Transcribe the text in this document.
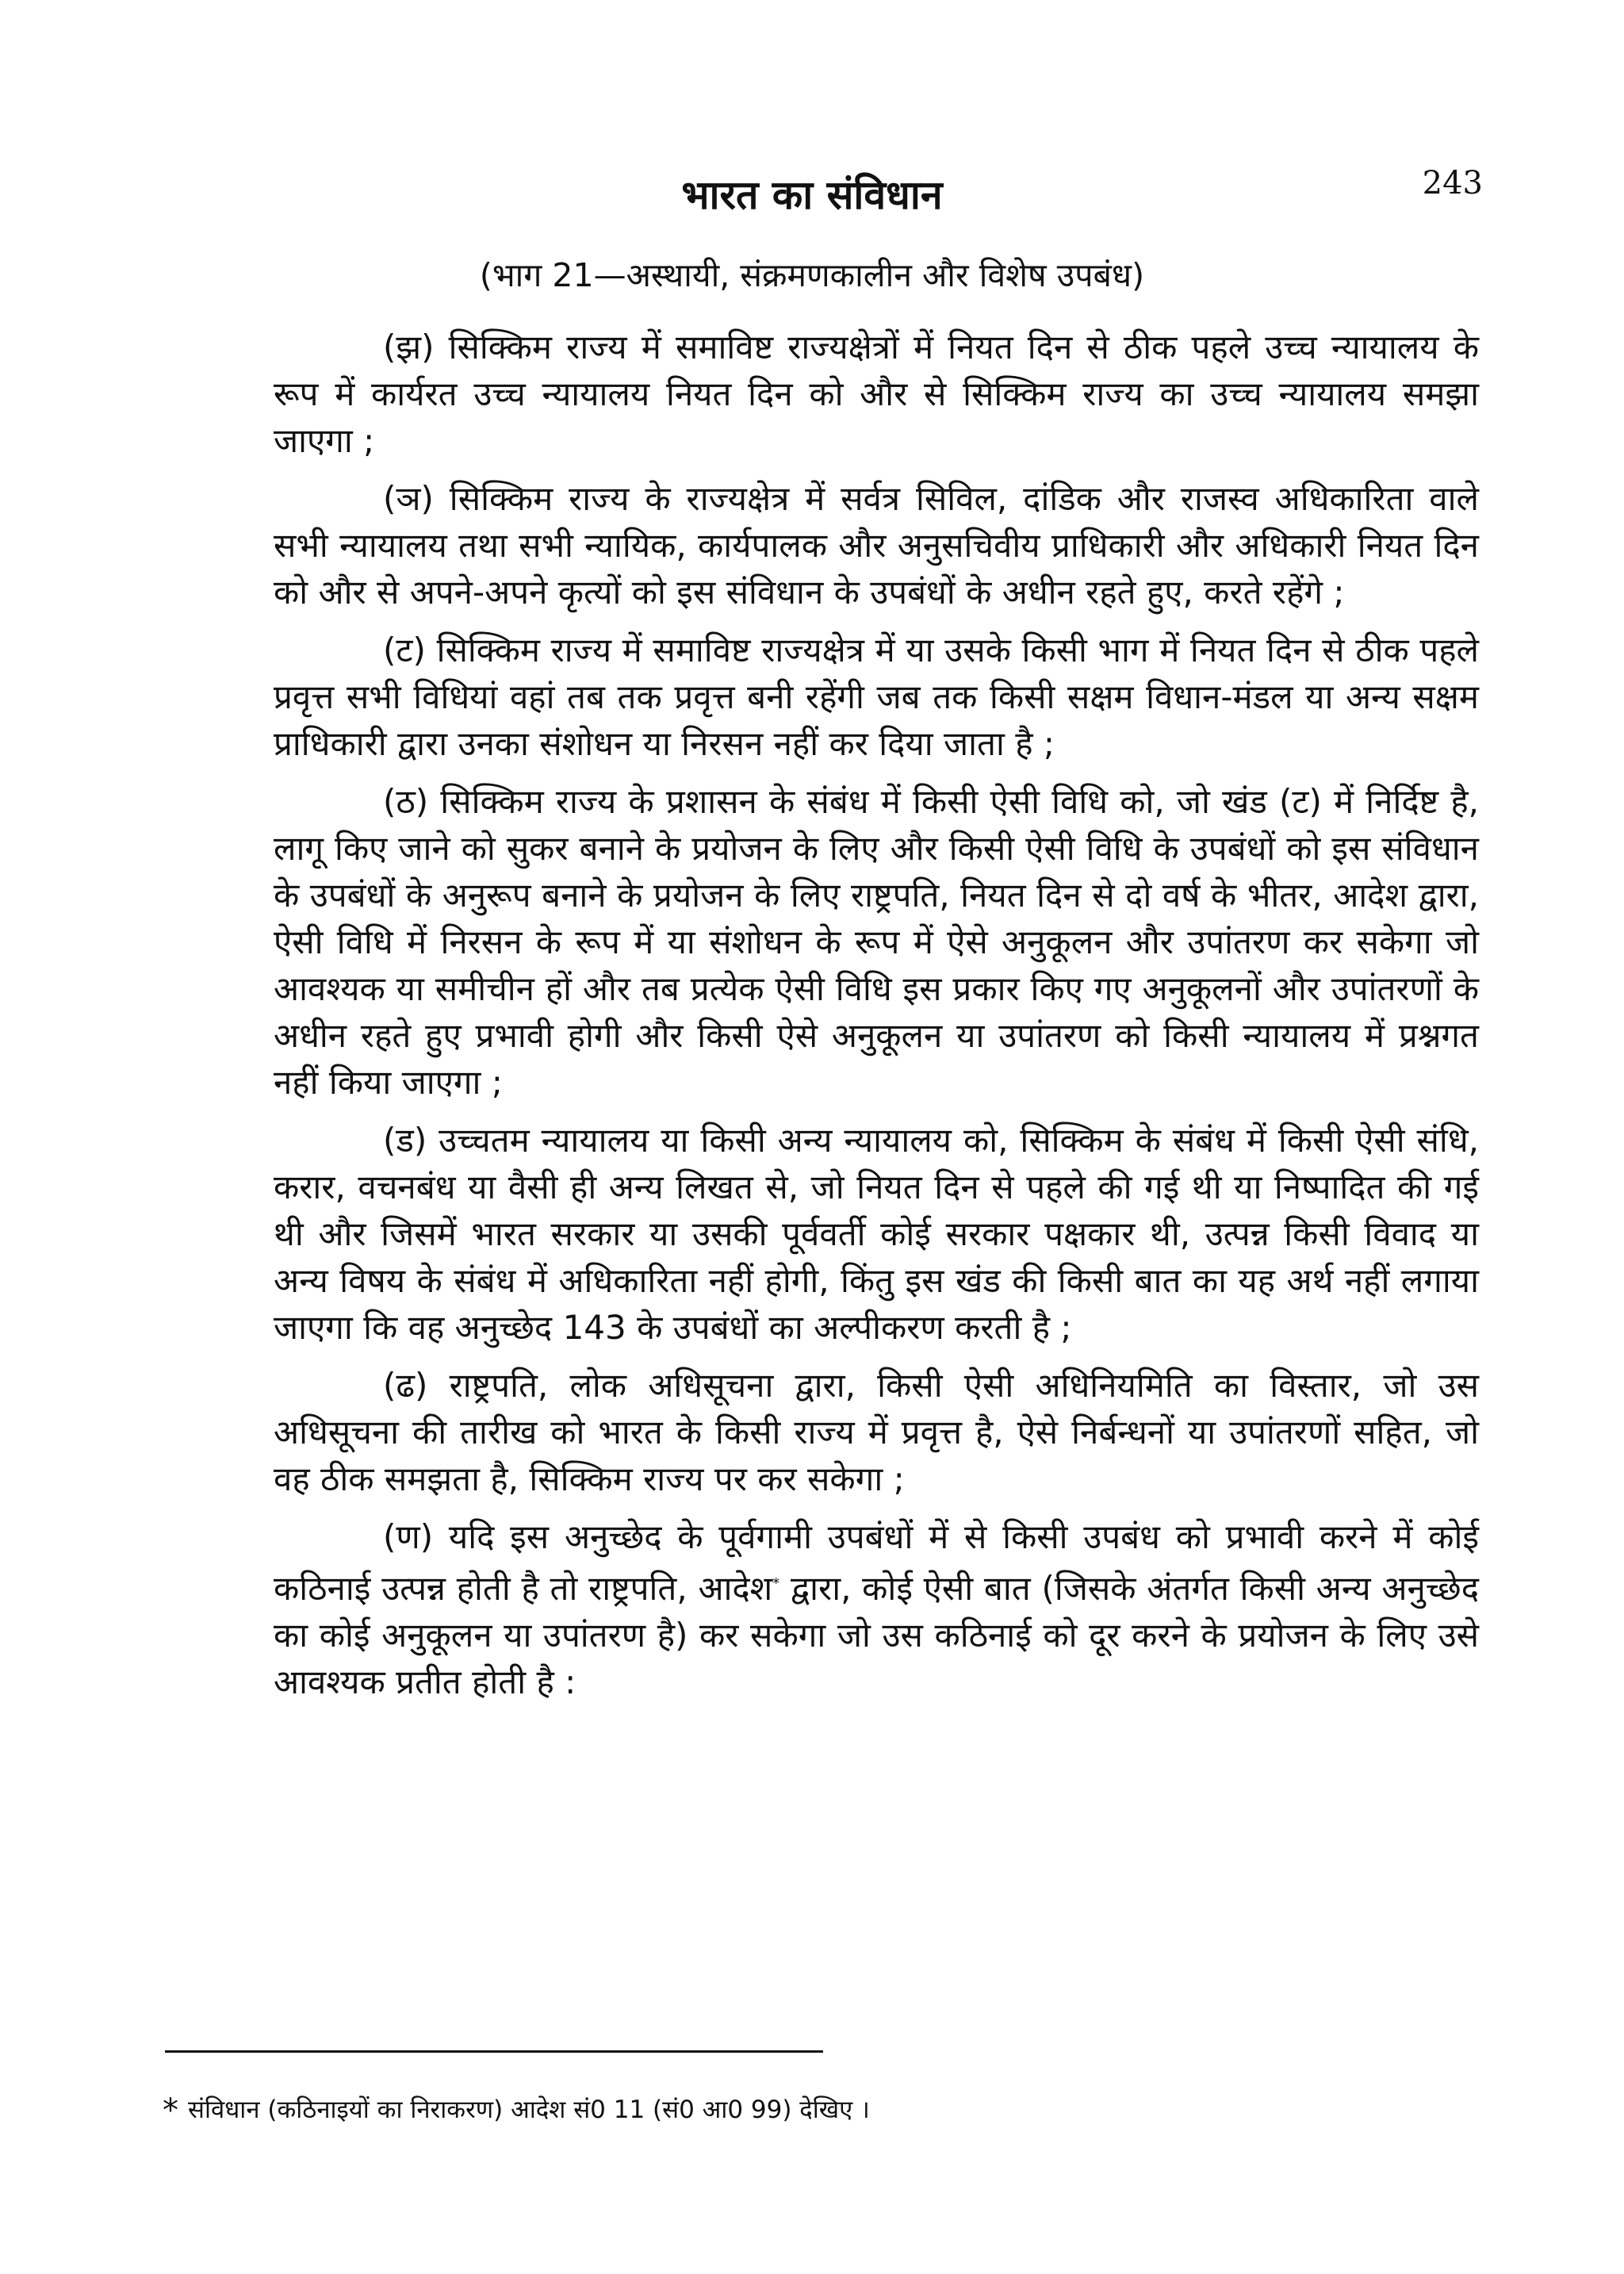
243
भारत का संविधान
(भाग 21—अस्थायी, संक्रमणकालीन और विशेष उपबंध)

(झ) सिक्किम राज्य में समाविष्ट राज्यक्षेत्रों में नियत दिन से ठीक पहले उच्च न्यायालय के रूप में कार्यरत उच्च न्यायालय नियत दिन को और से सिक्किम राज्य का उच्च न्यायालय समझा जाएगा ;

(ञ) सिक्किम राज्य के राज्यक्षेत्र में सर्वत्र सिविल, दांडिक और राजस्व अधिकारिता वाले सभी न्यायालय तथा सभी न्यायिक, कार्यपालक और अनुसचिवीय प्राधिकारी और अधिकारी नियत दिन को और से अपने-अपने कृत्यों को इस संविधान के उपबंधों के अधीन रहते हुए, करते रहेंगे ;

(ट) सिक्किम राज्य में समाविष्ट राज्यक्षेत्र में या उसके किसी भाग में नियत दिन से ठीक पहले प्रवृत्त सभी विधियां वहां तब तक प्रवृत्त बनी रहेंगी जब तक किसी सक्षम विधान-मंडल या अन्य सक्षम प्राधिकारी द्वारा उनका संशोधन या निरसन नहीं कर दिया जाता है ;

(ठ) सिक्किम राज्य के प्रशासन के संबंध में किसी ऐसी विधि को, जो खंड (ट) में निर्दिष्ट है, लागू किए जाने को सुकर बनाने के प्रयोजन के लिए और किसी ऐसी विधि के उपबंधों को इस संविधान के उपबंधों के अनुरूप बनाने के प्रयोजन के लिए राष्ट्रपति, नियत दिन से दो वर्ष के भीतर, आदेश द्वारा, ऐसी विधि में निरसन के रूप में या संशोधन के रूप में ऐसे अनुकूलन और उपांतरण कर सकेगा जो आवश्यक या समीचीन हों और तब प्रत्येक ऐसी विधि इस प्रकार किए गए अनुकूलनों और उपांतरणों के अधीन रहते हुए प्रभावी होगी और किसी ऐसे अनुकूलन या उपांतरण को किसी न्यायालय में प्रश्नगत नहीं किया जाएगा ;

(ड) उच्चतम न्यायालय या किसी अन्य न्यायालय को, सिक्किम के संबंध में किसी ऐसी संधि, करार, वचनबंध या वैसी ही अन्य लिखत से, जो नियत दिन से पहले की गई थी या निष्पादित की गई थी और जिसमें भारत सरकार या उसकी पूर्ववर्ती कोई सरकार पक्षकार थी, उत्पन्न किसी विवाद या अन्य विषय के संबंध में अधिकारिता नहीं होगी, किंतु इस खंड की किसी बात का यह अर्थ नहीं लगाया जाएगा कि वह अनुच्छेद 143 के उपबंधों का अल्पीकरण करती है ;

(ढ) राष्ट्रपति, लोक अधिसूचना द्वारा, किसी ऐसी अधिनियमिति का विस्तार, जो उस अधिसूचना की तारीख को भारत के किसी राज्य में प्रवृत्त है, ऐसे निर्बन्धनों या उपांतरणों सहित, जो वह ठीक समझता है, सिक्किम राज्य पर कर सकेगा ;

(ण) यदि इस अनुच्छेद के पूर्वगामी उपबंधों में से किसी उपबंध को प्रभावी करने में कोई कठिनाई उत्पन्न होती है तो राष्ट्रपति, आदेश* द्वारा, कोई ऐसी बात (जिसके अंतर्गत किसी अन्य अनुच्छेद का कोई अनुकूलन या उपांतरण है) कर सकेगा जो उस कठिनाई को दूर करने के प्रयोजन के लिए उसे आवश्यक प्रतीत होती है :

* संविधान (कठिनाइयों का निराकरण) आदेश सं0 11 (सं0 आ0 99) देखिए ।
